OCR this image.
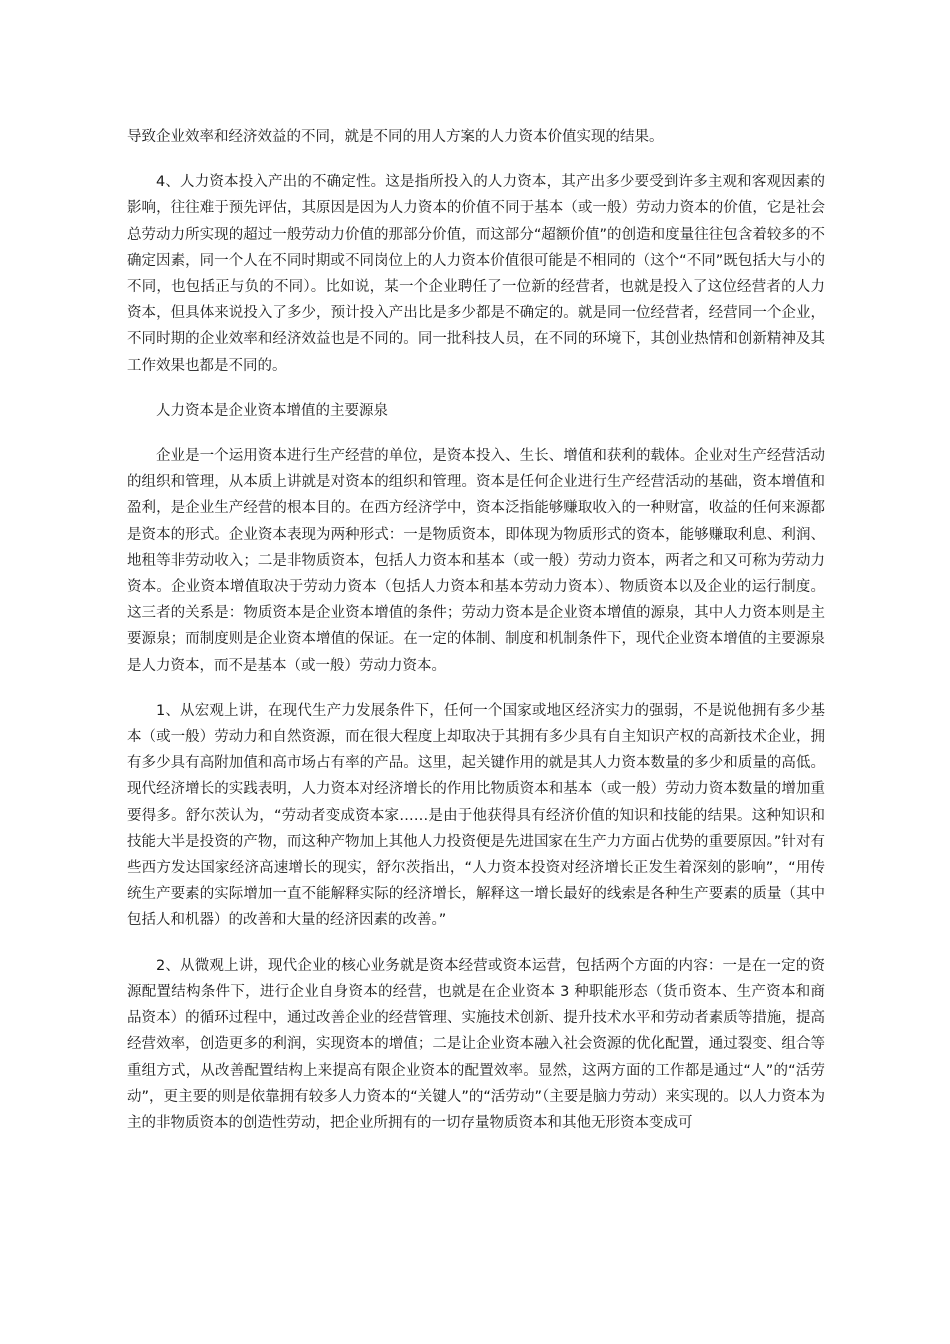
导致企业效率和经济效益的不同，就是不同的用人方案的人力资本价值实现的结果。

4、人力资本投入产出的不确定性。这是指所投入的人力资本，其产出多少要受到许多主观和客观因素的影响，往往难于预先评估，其原因是因为人力资本的价值不同于基本（或一般）劳动力资本的价值，它是社会总劳动力所实现的超过一般劳动力价值的那部分价值，而这部分“超额价值”的创造和度量往往包含着较多的不确定因素，同一个人在不同时期或不同岗位上的人力资本价值很可能是不相同的（这个“不同”既包括大与小的不同，也包括正与负的不同）。比如说，某一个企业聘任了一位新的经营者，也就是投入了这位经营者的人力资本，但具体来说投入了多少，预计投入产出比是多少都是不确定的。就是同一位经营者，经营同一个企业，不同时期的企业效率和经济效益也是不同的。同一批科技人员，在不同的环境下，其创业热情和创新精神及其工作效果也都是不同的。

人力资本是企业资本增值的主要源泉

企业是一个运用资本进行生产经营的单位，是资本投入、生长、增值和获利的载体。企业对生产经营活动的组织和管理，从本质上讲就是对资本的组织和管理。资本是任何企业进行生产经营活动的基础，资本增值和盈利，是企业生产经营的根本目的。在西方经济学中，资本泛指能够赚取收入的一种财富，收益的任何来源都是资本的形式。企业资本表现为两种形式：一是物质资本，即体现为物质形式的资本，能够赚取利息、利润、地租等非劳动收入；二是非物质资本，包括人力资本和基本（或一般）劳动力资本，两者之和又可称为劳动力资本。企业资本增值取决于劳动力资本（包括人力资本和基本劳动力资本）、物质资本以及企业的运行制度。这三者的关系是：物质资本是企业资本增值的条件；劳动力资本是企业资本增值的源泉，其中人力资本则是主要源泉；而制度则是企业资本增值的保证。在一定的体制、制度和机制条件下，现代企业资本增值的主要源泉是人力资本，而不是基本（或一般）劳动力资本。

1、从宏观上讲，在现代生产力发展条件下，任何一个国家或地区经济实力的强弱，不是说他拥有多少基本（或一般）劳动力和自然资源，而在很大程度上却取决于其拥有多少具有自主知识产权的高新技术企业，拥有多少具有高附加值和高市场占有率的产品。这里，起关键作用的就是其人力资本数量的多少和质量的高低。现代经济增长的实践表明，人力资本对经济增长的作用比物质资本和基本（或一般）劳动力资本数量的增加重要得多。舒尔茨认为，“劳动者变成资本家……是由于他获得具有经济价值的知识和技能的结果。这种知识和技能大半是投资的产物，而这种产物加上其他人力投资便是先进国家在生产力方面占优势的重要原因。”针对有些西方发达国家经济高速增长的现实，舒尔茨指出，“人力资本投资对经济增长正发生着深刻的影响”，“用传统生产要素的实际增加一直不能解释实际的经济增长，解释这一增长最好的线索是各种生产要素的质量（其中包括人和机器）的改善和大量的经济因素的改善。”

2、从微观上讲，现代企业的核心业务就是资本经营或资本运营，包括两个方面的内容：一是在一定的资源配置结构条件下，进行企业自身资本的经营，也就是在企业资本 3 种职能形态（货币资本、生产资本和商品资本）的循环过程中，通过改善企业的经营管理、实施技术创新、提升技术水平和劳动者素质等措施，提高经营效率，创造更多的利润，实现资本的增值；二是让企业资本融入社会资源的优化配置，通过裂变、组合等重组方式，从改善配置结构上来提高有限企业资本的配置效率。显然，这两方面的工作都是通过“人”的“活劳动”，更主要的则是依靠拥有较多人力资本的“关键人”的“活劳动”（主要是脑力劳动）来实现的。以人力资本为主的非物质资本的创造性劳动，把企业所拥有的一切存量物质资本和其他无形资本变成可
